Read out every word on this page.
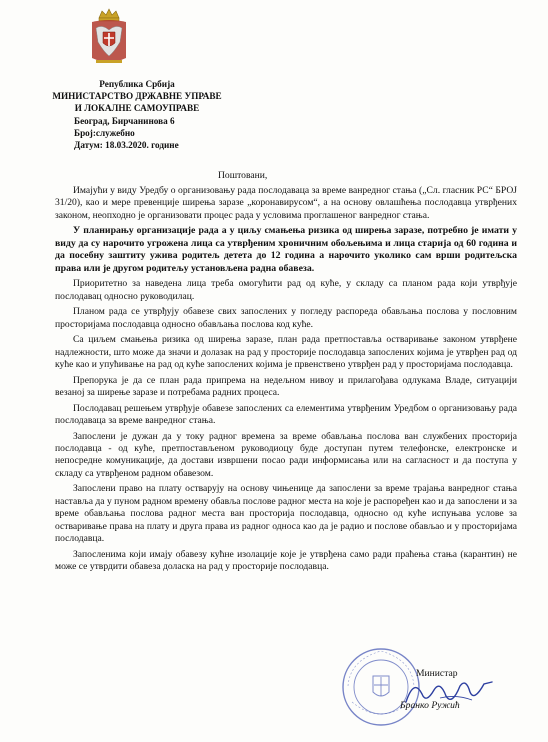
Република Србија
МИНИСТАРСТВО ДРЖАВНЕ УПРАВЕ
И ЛОКАЛНЕ САМОУПРАВЕ
Београд, Бирчанинова 6
Број:служебно
Датум: 18.03.2020. године
Поштовани,

Имајући у виду Уредбу о организовању рада послодаваца за време ванредног стања („Сл. гласник РС“ БРОЈ 31/20), као и мере превенције ширења заразе „коронавирусом“, а на основу овлашћења послодавца утврђених законом, неопходно је организовати процес рада у условима проглашеног ванредног стања.

У планирању организације рада а у циљу смањења ризика од ширења заразе, потребно је имати у виду да су нарочито угрожена лица са утврђеним хроничним обољењима и лица старија од 60 година и да посебну заштиту ужива родитељ детета до 12 година а нарочито уколико сам врши родитељска права или је другом родитељу установљена радна обавеза.

Приоритетно за наведена лица треба омогућити рад од куће, у складу са планом рада који утврђује послодавац односно руководилац.

Планом рада се утврђују обавезе свих запослених у погледу распореда обављања послова у пословним просторијама послодавца односно обављања послова код куће.

Са циљем смањења ризика од ширења заразе, план рада претпоставља остваривање законом утврђене надлежности, што може да значи и долазак на рад у просторије послодавца запослених којима је утврђен рад од куће као и упућивање на рад од куће запослених којима је првенствено утврђен рад у просторијама послодавца.

Препорука је да се план рада припрема на недељном нивоу и прилагођава одлукама Владе, ситуацији везаној за ширење заразе и потребама радних процеса.

Послодавац решењем утврђује обавезе запослених са елементима утврђеним Уредбом о организовању рада послодаваца за време ванредног стања.

Запослени је дужан да у току радног времена за време обављања послова ван службених просторија послодавца - од куће, претпостављеном руководиоцу буде доступан путем телефонске, електронске и непосредне комуникације, да достави извршени посао ради информисања или на сагласност и да поступа у складу са утврђеном радном обавезом.

Запослени право на плату остварују на основу чињенице да запослени за време трајања ванредног стања наставља да у пуном радном времену обавља послове радног места на које је распоређен као и да запослени и за време обављања послова радног места ван просторија послодавца, односно од куће испуњава услове за остваривање права на плату и друга права из радног односа као да је радио и послове обављао и у просторијама послодавца.

Запосленима који имају обавезу кућне изолације које је утврђена само ради праћења стања (карантин) не може се утврдити обавеза доласка на рад у просторије послодавца.

Министар
Бранко Ружић
